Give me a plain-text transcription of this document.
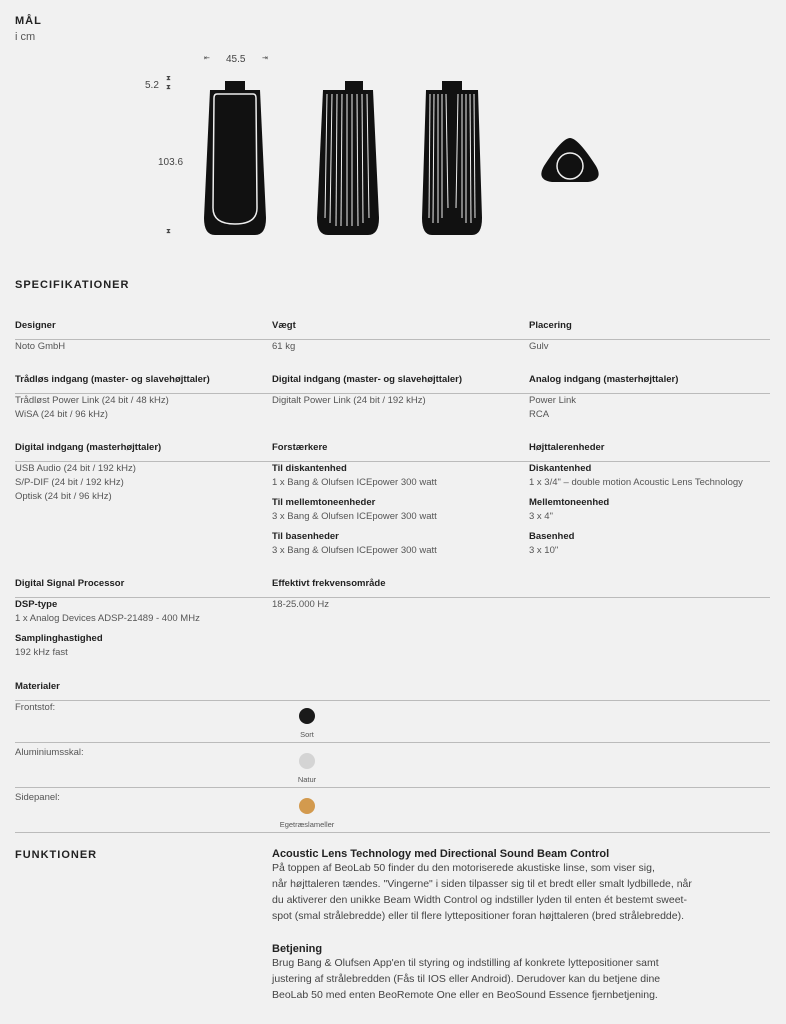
MÅL
i cm
45.5
⇤	⇥
5.2
103.6
⧗
⧗
⧗
SPECIFIKATIONER
Designer	Vægt	Placering
Noto GmbH	61 kg	Gulv
Trådløs indgang (master- og slavehøjttaler)	Digital indgang (master- og slavehøjttaler)	Analog indgang (masterhøjttaler)
Trådløst Power Link (24 bit / 48 kHz)
WiSA (24 bit / 96 kHz)
Digitalt Power Link (24 bit / 192 kHz)	Power Link
RCA
Digital indgang (masterhøjttaler)	Forstærkere	Højttalerenheder
USB Audio (24 bit / 192 kHz)
S/P-DIF (24 bit / 192 kHz)
Optisk (24 bit / 96 kHz)
Til diskantenhed
1 x Bang & Olufsen ICEpower 300 watt
Til mellemtoneenheder
3 x Bang & Olufsen ICEpower 300 watt
Til basenheder
3 x Bang & Olufsen ICEpower 300 watt
Diskantenhed
1 x 3/4" – double motion Acoustic Lens Technology
Mellemtoneenhed
3 x 4"
Basenhed
3 x 10"
Digital Signal Processor	Effektivt frekvensområde
DSP-type
1 x Analog Devices ADSP-21489 - 400 MHz
Samplinghastighed
192 kHz fast
18-25.000 Hz
Materialer
Frontstof:
Sort
Aluminiumsskal:
Natur
Sidepanel:
Egetræslameller
FUNKTIONER	Acoustic Lens Technology med Directional Sound Beam Control
På toppen af BeoLab 50 finder du den motoriserede akustiske linse, som viser sig,
når højttaleren tændes. "Vingerne" i siden tilpasser sig til et bredt eller smalt lydbillede, når
du aktiverer den unikke Beam Width Control og indstiller lyden til enten ét bestemt sweet-
spot (smal strålebredde) eller til flere lyttepositioner foran højttaleren (bred strålebredde).
Betjening
Brug Bang & Olufsen App'en til styring og indstilling af konkrete lyttepositioner samt
justering af strålebredden (Fås til IOS eller Android). Derudover kan du betjene dine
BeoLab 50 med enten BeoRemote One eller en BeoSound Essence fjernbetjening.
